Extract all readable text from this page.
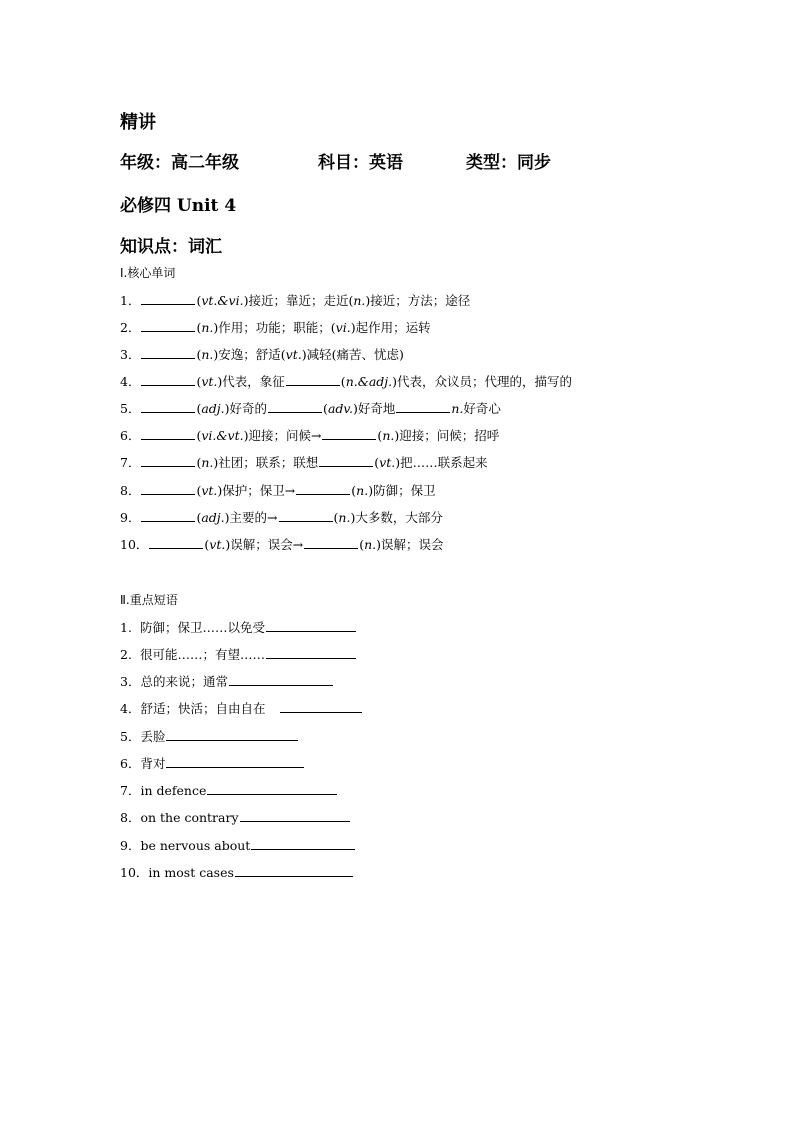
精讲
年级：高二年级	科目：英语	类型：同步
必修四 Unit 4
知识点：词汇
Ⅰ.核心单词
1．	(vt.&vi.)接近；靠近；走近(n.)接近；方法；途径
2．	(n.)作用；功能；职能；(vi.)起作用；运转
3．	(n.)安逸；舒适(vt.)减轻(痛苦、忧虑)
4．	(vt.)代表，象征	(n.&adj.)代表，众议员；代理的，描写的
5．	(adj.)好奇的	(adv.)好奇地	n.好奇心
6．	(vi.&vt.)迎接；问候→	(n.)迎接；问候；招呼
7．	(n.)社团；联系；联想	(vt.)把……联系起来
8．	(vt.)保护；保卫→	(n.)防御；保卫
9．	(adj.)主要的→	(n.)大多数，大部分
10．	(vt.)误解；误会→	(n.)误解；误会
Ⅱ.重点短语
1. 防御；保卫……以免受
2. 很可能……；有望……
3．总的来说；通常
4．舒适；快活；自由自在
5．丢脸
6．背对
7．in defence
8．on the contrary
9．be nervous about
10．in most cases
